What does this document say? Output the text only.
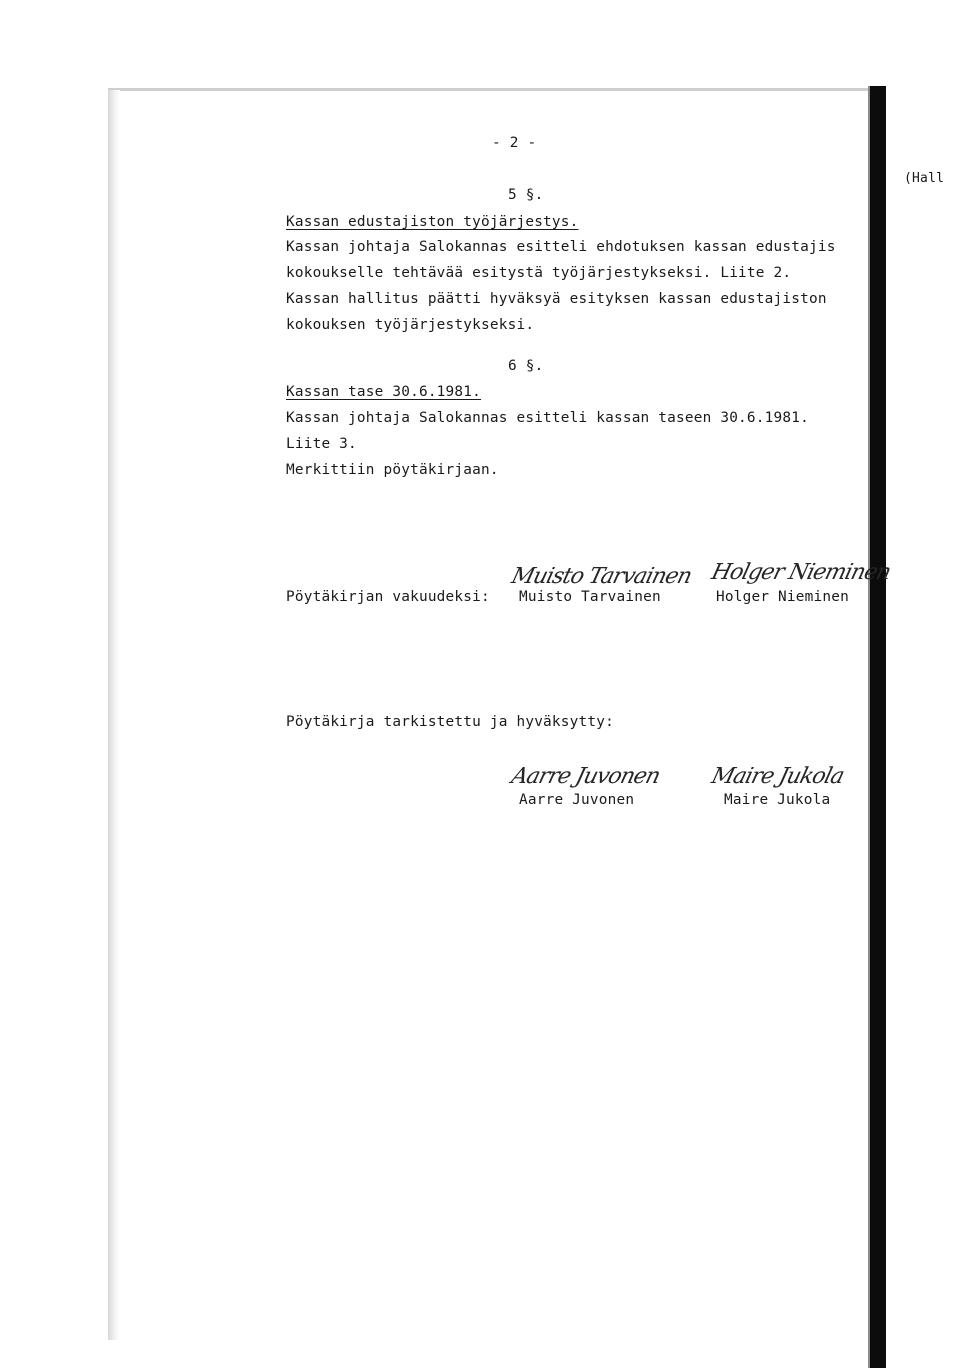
(Hall
- 2 -
5 §.
Kassan edustajiston työjärjestys.
Kassan johtaja Salokannas esitteli ehdotuksen kassan edustajis
kokoukselle tehtävää esitystä työjärjestykseksi. Liite 2.
Kassan hallitus päätti hyväksyä esityksen kassan edustajiston
kokouksen työjärjestykseksi.
6 §.
Kassan tase 30.6.1981.
Kassan johtaja Salokannas esitteli kassan taseen 30.6.1981.
Liite 3.
Merkittiin pöytäkirjaan.
Muisto Tarvainen Holger Nieminen
Pöytäkirjan vakuudeksi: Muisto Tarvainen	Holger Nieminen
Pöytäkirja tarkistettu ja hyväksytty:
Aarre Juvonen Maire Jukola
Aarre Juvonen	Maire Jukola
